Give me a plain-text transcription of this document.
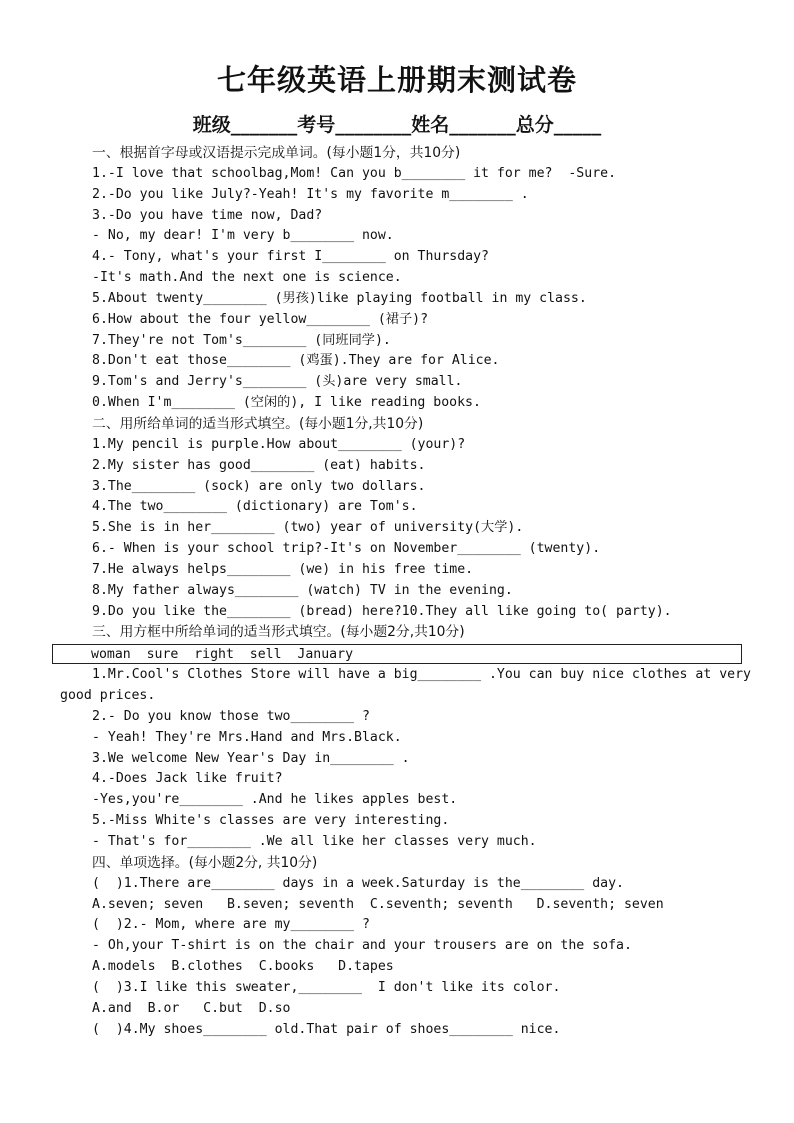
七年级英语上册期末测试卷
班级_______考号________姓名_______总分_____
一、根据首字母或汉语提示完成单词。(每小题1分，共10分)
1.-I love that schoolbag,Mom! Can you b________ it for me?  -Sure.
2.-Do you like July?-Yeah! It's my favorite m________ .
3.-Do you have time now, Dad?
- No, my dear! I'm very b________ now.
4.- Tony, what's your first I________ on Thursday?
-It's math.And the next one is science.
5.About twenty________ (男孩)like playing football in my class.
6.How about the four yellow________ (裙子)?
7.They're not Tom's________ (同班同学).
8.Don't eat those________ (鸡蛋).They are for Alice.
9.Tom's and Jerry's________ (头)are very small.
0.When I'm________ (空闲的), I like reading books.
二、用所给单词的适当形式填空。(每小题1分,共10分)
1.My pencil is purple.How about________ (your)?
2.My sister has good________ (eat) habits.
3.The________ (sock) are only two dollars.
4.The two________ (dictionary) are Tom's.
5.She is in her________ (two) year of university(大学).
6.- When is your school trip?-It's on November________ (twenty).
7.He always helps________ (we) in his free time.
8.My father always________ (watch) TV in the evening.
9.Do you like the________ (bread) here?10.They all like going to( party).
三、用方框中所给单词的适当形式填空。(每小题2分,共10分)
woman  sure  right  sell  January
1.Mr.Cool's Clothes Store will have a big________ .You can buy nice clothes at very
good prices.
2.- Do you know those two________ ?
- Yeah! They're Mrs.Hand and Mrs.Black.
3.We welcome New Year's Day in________ .
4.-Does Jack like fruit?
-Yes,you're________ .And he likes apples best.
5.-Miss White's classes are very interesting.
- That's for________ .We all like her classes very much.
四、单项选择。(每小题2分, 共10分)
(  )1.There are________ days in a week.Saturday is the________ day.
A.seven; seven   B.seven; seventh  C.seventh; seventh   D.seventh; seven
(  )2.- Mom, where are my________ ?
- Oh,your T-shirt is on the chair and your trousers are on the sofa.
A.models  B.clothes  C.books   D.tapes
(  )3.I like this sweater,________  I don't like its color.
A.and  B.or   C.but  D.so
(  )4.My shoes________ old.That pair of shoes________ nice.
